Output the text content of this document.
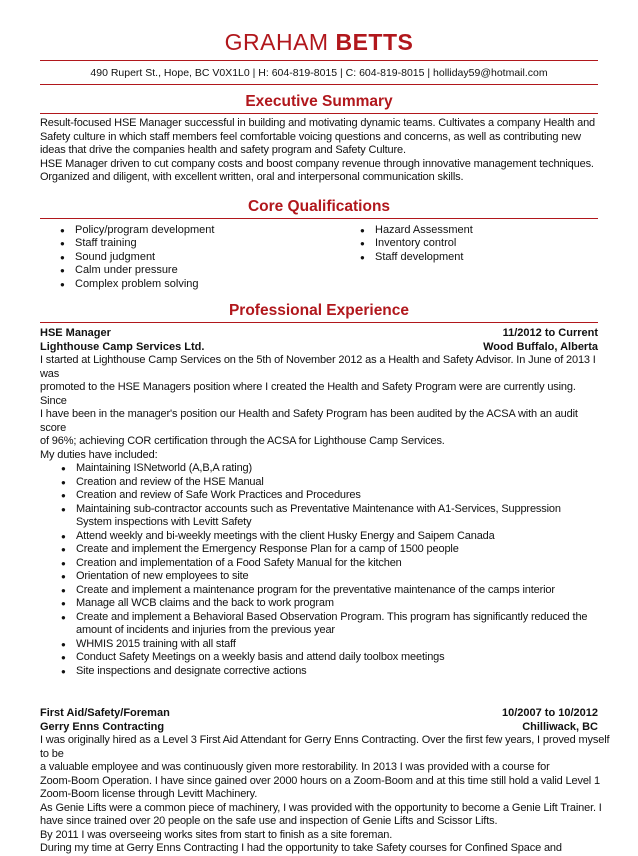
GRAHAM BETTS
490 Rupert St., Hope, BC V0X1L0 | H: 604-819-8015 | C: 604-819-8015 | holliday59@hotmail.com
Executive Summary
Result-focused HSE Manager successful in building and motivating dynamic teams. Cultivates a company Health and
Safety culture in which staff members feel comfortable voicing questions and concerns, as well as contributing new
ideas that drive the companies health and safety program and Safety Culture.
HSE Manager driven to cut company costs and boost company revenue through innovative management techniques.
Organized and diligent, with excellent written, oral and interpersonal communication skills.
Core Qualifications
● Policy/program development
● Staff training
● Sound judgment
● Calm under pressure
● Complex problem solving
● Hazard Assessment
● Inventory control
● Staff development
Professional Experience
HSE Manager	11/2012 to Current
Lighthouse Camp Services Ltd.	Wood Buffalo, Alberta
I started at Lighthouse Camp Services on the 5th of November 2012 as a Health and Safety Advisor. In June of 2013 I was
promoted to the HSE Managers position where I created the Health and Safety Program were are currently using. Since
I have been in the manager's position our Health and Safety Program has been audited by the ACSA with an audit score
of 96%; achieving COR certification through the ACSA for Lighthouse Camp Services.
My duties have included:
● Maintaining ISNetworld (A,B,A rating)
● Creation and review of the HSE Manual
● Creation and review of Safe Work Practices and Procedures
● Maintaining sub-contractor accounts such as Preventative Maintenance with A1-Services, Suppression System inspections with Levitt Safety
● Attend weekly and bi-weekly meetings with the client Husky Energy and Saipem Canada
● Create and implement the Emergency Response Plan for a camp of 1500 people
● Creation and implementation of a Food Safety Manual for the kitchen
● Orientation of new employees to site
● Create and implement a maintenance program for the preventative maintenance of the camps interior
● Manage all WCB claims and the back to work program
● Create and implement a Behavioral Based Observation Program. This program has significantly reduced the amount of incidents and injuries from the previous year
● WHMIS 2015 training with all staff
● Conduct Safety Meetings on a weekly basis and attend daily toolbox meetings
● Site inspections and designate corrective actions
First Aid/Safety/Foreman	10/2007 to 10/2012
Gerry Enns Contracting	Chilliwack, BC
I was originally hired as a Level 3 First Aid Attendant for Gerry Enns Contracting. Over the first few years, I proved myself to be
a valuable employee and was continuously given more restorability. In 2013 I was provided with a course for
Zoom-Boom Operation. I have since gained over 2000 hours on a Zoom-Boom and at this time still hold a valid Level 1
Zoom-Boom license through Levitt Machinery.
As Genie Lifts were a common piece of machinery, I was provided with the opportunity to become a Genie Lift Trainer. I
have since trained over 20 people on the safe use and inspection of Genie Lifts and Scissor Lifts.
By 2011 I was overseeing works sites from start to finish as a site foreman.
During my time at Gerry Enns Contracting I had the opportunity to take Safety courses for Confined Space and
